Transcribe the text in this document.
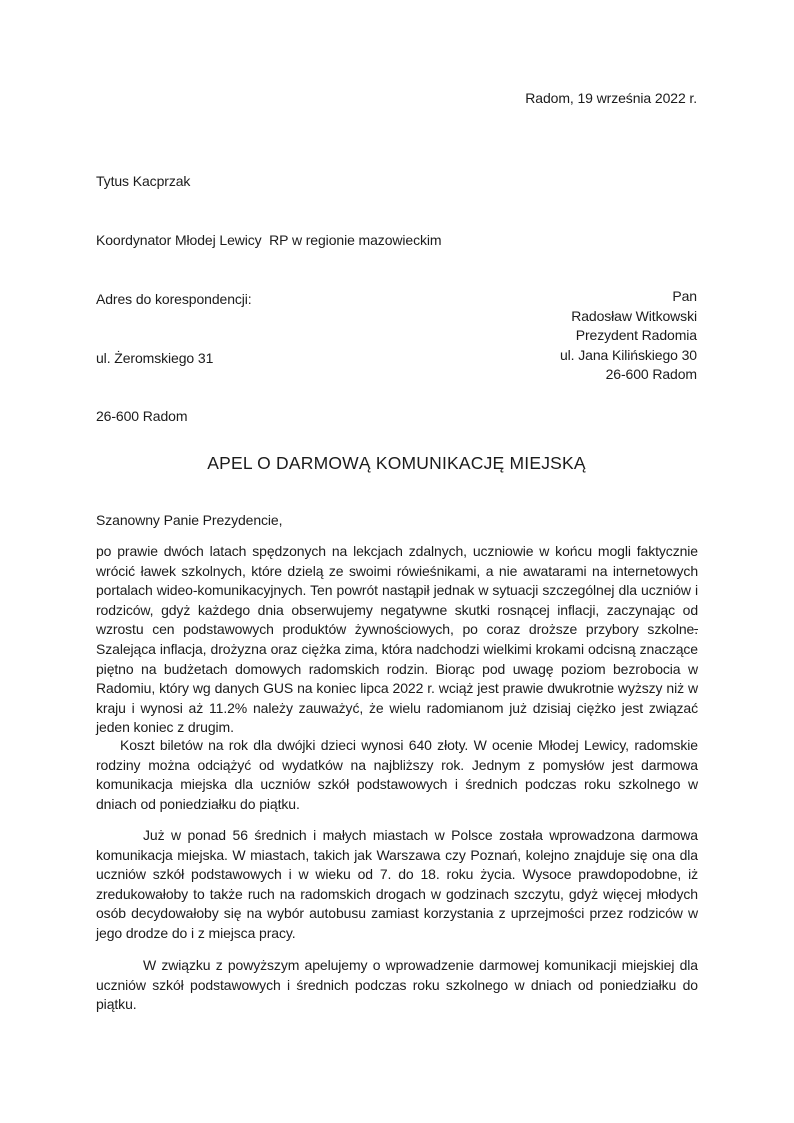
Radom, 19 września 2022 r.

Tytus Kacprzak

Koordynator Młodej Lewicy  RP w regionie mazowieckim

Adres do korespondencji:

ul. Żeromskiego 31

26-600 Radom

Pan
Radosław Witkowski
Prezydent Radomia
ul. Jana Kilińskiego 30
26-600 Radom
APEL O DARMOWĄ KOMUNIKACJĘ MIEJSKĄ

Szanowny Panie Prezydencie,

po prawie dwóch latach spędzonych na lekcjach zdalnych, uczniowie w końcu mogli faktycznie wrócić ławek szkolnych, które dzielą ze swoimi rówieśnikami, a nie awatarami na internetowych portalach wideo-komunikacyjnych. Ten powrót nastąpił jednak w sytuacji szczególnej dla uczniów i rodziców, gdyż każdego dnia obserwujemy negatywne skutki rosnącej inflacji, zaczynając od wzrostu cen podstawowych produktów żywnościowych, po coraz droższe przybory szkolne. Szalejąca inflacja, drożyzna oraz ciężka zima, która nadchodzi wielkimi krokami odcisną znaczące piętno na budżetach domowych radomskich rodzin. Biorąc pod uwagę poziom bezrobocia w Radomiu, który wg danych GUS na koniec lipca 2022 r. wciąż jest prawie dwukrotnie wyższy niż w kraju i wynosi aż 11.2% należy zauważyć, że wielu radomianom już dzisiaj ciężko jest związać jeden koniec z drugim.

Koszt biletów na rok dla dwójki dzieci wynosi 640 złoty. W ocenie Młodej Lewicy, radomskie rodziny można odciążyć od wydatków na najbliższy rok. Jednym z pomysłów jest darmowa komunikacja miejska dla uczniów szkół podstawowych i średnich podczas roku szkolnego w dniach od poniedziałku do piątku.

Już w ponad 56 średnich i małych miastach w Polsce została wprowadzona darmowa komunikacja miejska. W miastach, takich jak Warszawa czy Poznań, kolejno znajduje się ona dla uczniów szkół podstawowych i w wieku od 7. do 18. roku życia. Wysoce prawdopodobne, iż zredukowałoby to także ruch na radomskich drogach w godzinach szczytu, gdyż więcej młodych osób decydowałoby się na wybór autobusu zamiast korzystania z uprzejmości przez rodziców w jego drodze do i z miejsca pracy.

W związku z powyższym apelujemy o wprowadzenie darmowej komunikacji miejskiej dla uczniów szkół podstawowych i średnich podczas roku szkolnego w dniach od poniedziałku do piątku.
